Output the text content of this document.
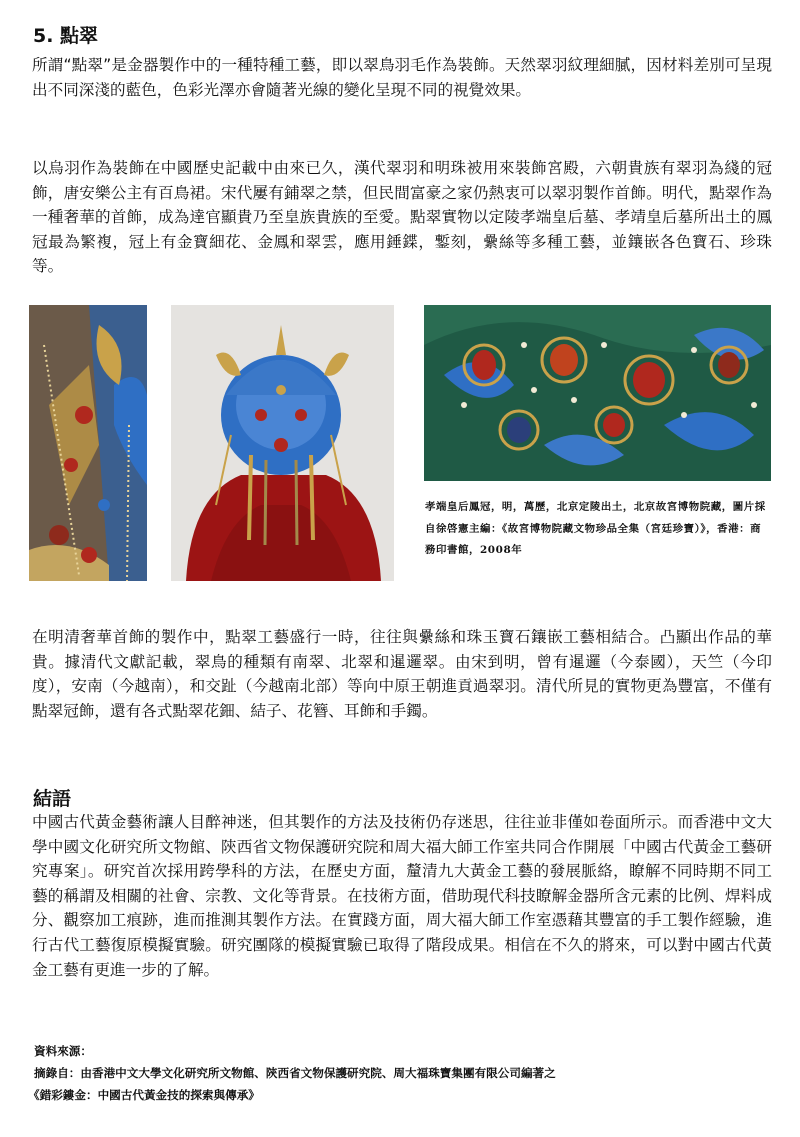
5. 點翠

所謂“點翠”是金器製作中的一種特種工藝，即以翠鳥羽毛作為裝飾。天然翠羽紋理細膩，因材料差別可呈現出不同深淺的藍色，色彩光澤亦會隨著光線的變化呈現不同的視覺效果。

以烏羽作為裝飾在中國歷史記載中由來已久，漢代翠羽和明珠被用來裝飾宮殿，六朝貴族有翠羽為綫的冠飾，唐安樂公主有百鳥裙。宋代屢有鋪翠之禁，但民間富豪之家仍熱衷可以翠羽製作首飾。明代，點翠作為一種奢華的首飾，成為達官顯貴乃至皇族貴族的至愛。點翠實物以定陵孝端皇后墓、孝靖皇后墓所出土的鳳冠最為繁複，冠上有金寶細花、金鳳和翠雲，應用錘鍱，鏨刻，纍絲等多種工藝，並鑲嵌各色寶石、珍珠等。

孝端皇后鳳冠，明，萬歷，北京定陵出土，北京故宮博物院藏，圖片採自徐啓憲主編：《故宮博物院藏文物珍品全集（宮廷珍寶）》，香港：商務印書館，2008年

在明清奢華首飾的製作中，點翠工藝盛行一時，往往與纍絲和珠玉寶石鑲嵌工藝相結合。凸顯出作品的華貴。據清代文獻記載，翠鳥的種類有南翠、北翠和暹邏翠。由宋到明，曾有暹邏（今泰國），天竺（今印度），安南（今越南），和交趾（今越南北部）等向中原王朝進貢過翠羽。清代所見的實物更為豐富，不僅有點翠冠飾，還有各式點翠花鈿、結子、花簪、耳飾和手鐲。

結語

中國古代黃金藝術讓人目醉神迷，但其製作的方法及技術仍存迷思，往往並非僅如卷面所示。而香港中文大學中國文化研究所文物館、陝西省文物保護研究院和周大福大師工作室共同合作開展「中國古代黃金工藝研究專案」。研究首次採用跨學科的方法，在歷史方面，釐清九大黃金工藝的發展脈絡，瞭解不同時期不同工藝的稱謂及相關的社會、宗教、文化等背景。在技術方面，借助現代科技瞭解金器所含元素的比例、焊料成分、觀察加工痕跡，進而推測其製作方法。在實踐方面，周大福大師工作室憑藉其豐富的手工製作經驗，進行古代工藝復原模擬實驗。研究團隊的模擬實驗已取得了階段成果。相信在不久的將來，可以對中國古代黃金工藝有更進一步的了解。

資料來源：
摘錄自：由香港中文大學文化研究所文物館、陝西省文物保護研究院、周大福珠寶集團有限公司編著之
《錯彩鏤金：中國古代黃金技的探索與傳承》
